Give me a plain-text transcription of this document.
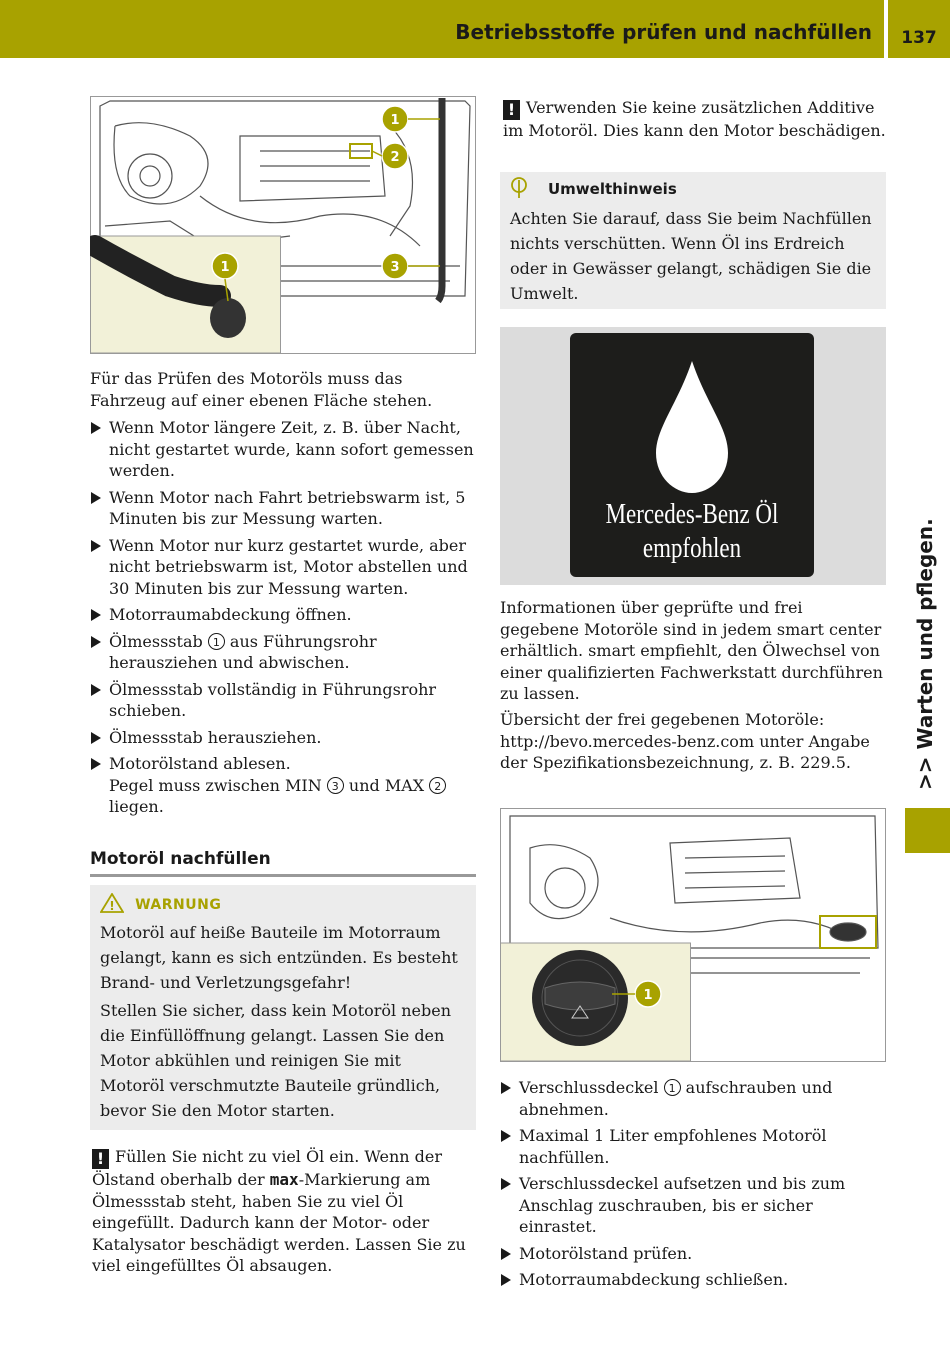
Betriebsstoffe prüfen und nachfüllen	137
>> Warten und pflegen.
1
2
3
1
Für das Prüfen des Motoröls muss das Fahrzeug auf einer ebenen Fläche stehen.

Wenn Motor längere Zeit, z. B. über Nacht, nicht gestartet wurde, kann sofort gemessen werden.

Wenn Motor nach Fahrt betriebswarm ist, 5 Minuten bis zur Messung warten.

Wenn Motor nur kurz gestartet wurde, aber nicht betriebswarm ist, Motor abstellen und 30 Minuten bis zur Messung warten.

Motorraumabdeckung öffnen.

Ölmessstab 1 aus Führungsrohr herausziehen und abwischen.

Ölmessstab vollständig in Führungsrohr schieben.

Ölmessstab herausziehen.

Motorölstand ablesen.
Pegel muss zwischen MIN 3 und MAX 2
liegen.

Motoröl nachfüllen
! WARNUNG

Motoröl auf heiße Bauteile im Motorraum gelangt, kann es sich entzünden. Es besteht Brand- und Verletzungsgefahr!

Stellen Sie sicher, dass kein Motoröl neben die Einfüllöffnung gelangt. Lassen Sie den Motor abkühlen und reinigen Sie mit Motoröl verschmutzte Bauteile gründlich, bevor Sie den Motor starten.

! Füllen Sie nicht zu viel Öl ein. Wenn der Ölstand oberhalb der max-Markierung am Ölmessstab steht, haben Sie zu viel Öl eingefüllt. Dadurch kann der Motor- oder Katalysator beschädigt werden. Lassen Sie zu viel eingefülltes Öl absaugen.
! Verwenden Sie keine zusätzlichen Additive im Motoröl. Dies kann den Motor beschädigen.
Umwelthinweis

Achten Sie darauf, dass Sie beim Nachfüllen nichts verschütten. Wenn Öl ins Erdreich oder in Gewässer gelangt, schädigen Sie die Umwelt.

Mercedes-Benz Öl
empfohlen

Informationen über geprüfte und frei gegebene Motoröle sind in jedem smart center erhältlich. smart empfiehlt, den Ölwechsel von einer qualifizierten Fachwerkstatt durchführen zu lassen.

Übersicht der frei gegebenen Motoröle: http://bevo.mercedes-benz.com unter Angabe der Spezifikationsbezeichnung, z. B. 229.5.

1

Verschlussdeckel 1 aufschrauben und abnehmen.

Maximal 1 Liter empfohlenes Motoröl nachfüllen.

Verschlussdeckel aufsetzen und bis zum Anschlag zuschrauben, bis er sicher einrastet.

Motorölstand prüfen.

Motorraumabdeckung schließen.
